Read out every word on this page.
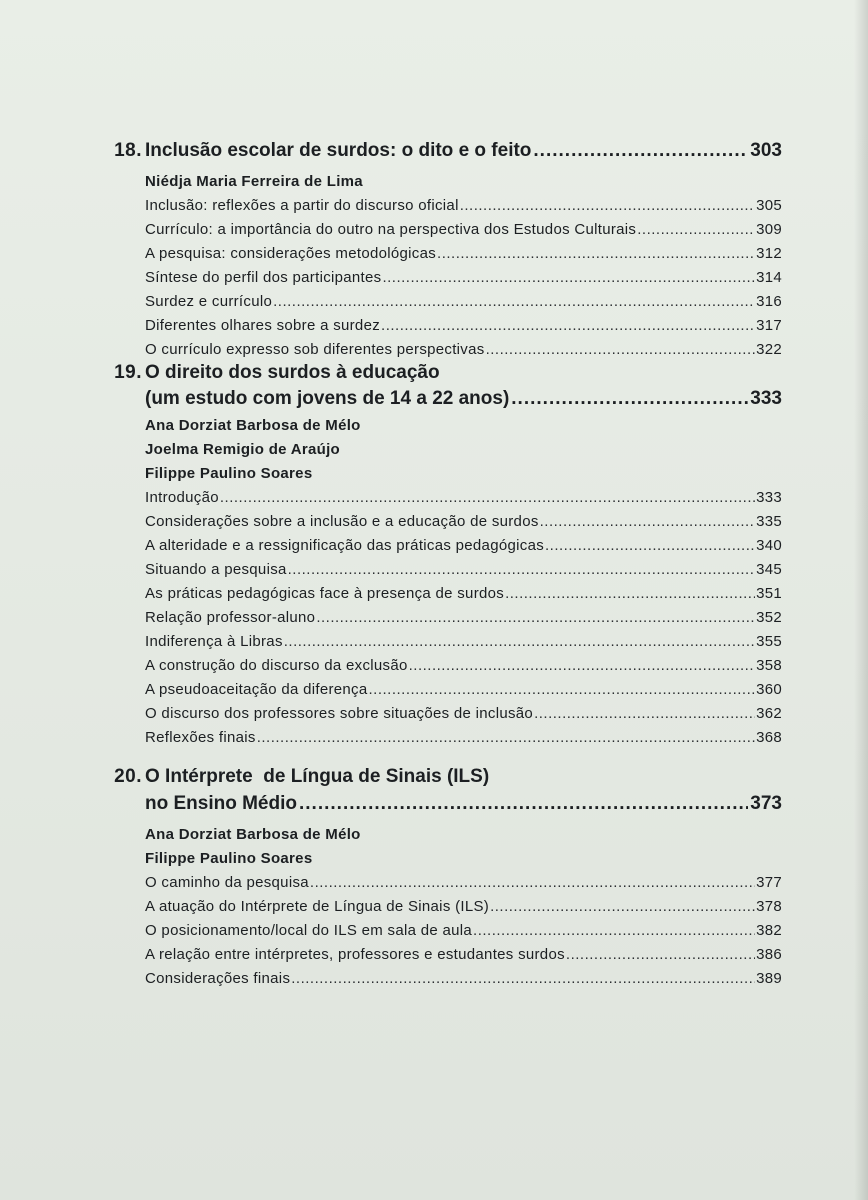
18. Inclusão escolar de surdos: o dito e o feito .....	303
Niédja Maria Ferreira de Lima
Inclusão: reflexões a partir do discurso oficial .....	305
Currículo: a importância do outro na perspectiva dos Estudos Culturais .....	309
A pesquisa: considerações metodológicas .....	312
Síntese do perfil dos participantes .....	314
Surdez e currículo .....	316
Diferentes olhares sobre a surdez .....	317
O currículo expresso sob diferentes perspectivas .....	322
19. O direito dos surdos à educação
(um estudo com jovens de 14 a 22 anos) .....	333
Ana Dorziat Barbosa de Mélo
Joelma Remigio de Araújo
Filippe Paulino Soares
Introdução .....	333
Considerações sobre a inclusão e a educação de surdos .....	335
A alteridade e a ressignificação das práticas pedagógicas .....	340
Situando a pesquisa .....	345
As práticas pedagógicas face à presença de surdos .....	351
Relação professor-aluno .....	352
Indiferença à Libras .....	355
A construção do discurso da exclusão .....	358
A pseudoaceitação da diferença .....	360
O discurso dos professores sobre situações de inclusão .....	362
Reflexões finais .....	368
20. O Intérprete  de Língua de Sinais (ILS)
no Ensino Médio .....	373
Ana Dorziat Barbosa de Mélo
Filippe Paulino Soares
O caminho da pesquisa .....	377
A atuação do Intérprete de Língua de Sinais (ILS) .....	378
O posicionamento/local do ILS em sala de aula .....	382
A relação entre intérpretes, professores e estudantes surdos .....	386
Considerações finais .....	389
